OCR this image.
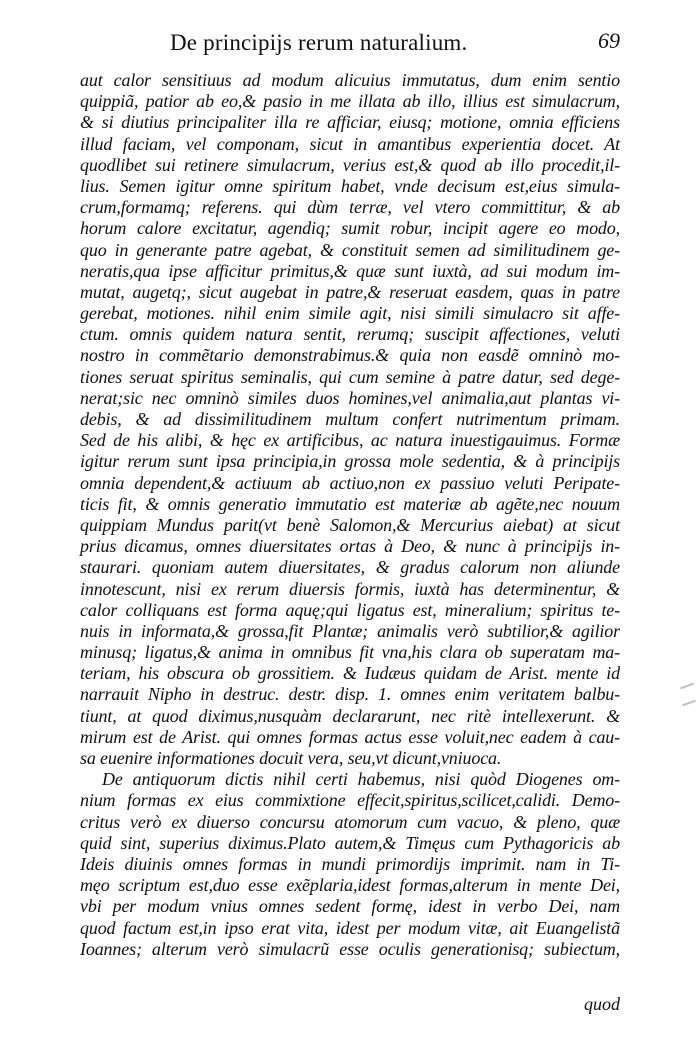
De principijs rerum naturalium.	69
aut calor sensitiuus ad modum alicuius immutatus, dum enim sentio
quippiã, patior ab eo,& pasio in me illata ab illo, illius est simulacrum,
& si diutius principaliter illa re afficiar, eiusq; motione, omnia efficiens
illud faciam, vel componam, sicut in amantibus experientia docet. At
quodlibet sui retinere simulacrum, verius est,& quod ab illo procedit,il-
lius. Semen igitur omne spiritum habet, vnde decisum est,eius simula-
crum,formamq; referens. qui dùm terræ, vel vtero committitur, & ab
horum calore excitatur, agendiq; sumit robur, incipit agere eo modo,
quo in generante patre agebat, & constituit semen ad similitudinem ge-
neratis,qua ipse afficitur primitus,& quæ sunt iuxtà, ad sui modum im-
mutat, augetq;, sicut augebat in patre,& reseruat easdem, quas in patre
gerebat, motiones. nihil enim simile agit, nisi simili simulacro sit affe-
ctum. omnis quidem natura sentit, rerumq; suscipit affectiones, veluti
nostro in commẽtario demonstrabimus.& quia non easdẽ omninò mo-
tiones seruat spiritus seminalis, qui cum semine à patre datur, sed dege-
nerat;sic nec omninò similes duos homines,vel animalia,aut plantas vi-
debis, & ad dissimilitudinem multum confert nutrimentum primam.
Sed de his alibi, & hęc ex artificibus, ac natura inuestigauimus. Formæ
igitur rerum sunt ipsa principia,in grossa mole sedentia, & à principijs
omnia dependent,& actiuum ab actiuo,non ex passiuo veluti Peripate-
ticis fit, & omnis generatio immutatio est materiæ ab agẽte,nec nouum
quippiam Mundus parit(vt benè Salomon,& Mercurius aiebat) at sicut
prius dicamus, omnes diuersitates ortas à Deo, & nunc à principijs in-
staurari. quoniam autem diuersitates, & gradus calorum non aliunde
innotescunt, nisi ex rerum diuersis formis, iuxtà has determinentur, &
calor colliquans est forma aquę;qui ligatus est, mineralium; spiritus te-
nuis in informata,& grossa,fit Plantæ; animalis verò subtilior,& agilior
minusq; ligatus,& anima in omnibus fit vna,his clara ob superatam ma-
teriam, his obscura ob grossitiem. & Iudæus quidam de Arist. mente id
narrauit Nipho in destruc. destr. disp. 1. omnes enim veritatem balbu-
tiunt, at quod diximus,nusquàm declararunt, nec ritè intellexerunt. &
mirum est de Arist. qui omnes formas actus esse voluit,nec eadem à cau-
sa euenire informationes docuit vera, seu,vt dicunt,vniuoca.
De antiquorum dictis nihil certi habemus, nisi quòd Diogenes om-
nium formas ex eius commixtione effecit,spiritus,scilicet,calidi. Demo-
critus verò ex diuerso concursu atomorum cum vacuo, & pleno, quæ
quid sint, superius diximus.Plato autem,& Timęus cum Pythagoricis ab
Ideis diuinis omnes formas in mundi primordijs imprimit. nam in Ti-
męo scriptum est,duo esse exẽplaria,idest formas,alterum in mente Dei,
vbi per modum vnius omnes sedent formę, idest in verbo Dei, nam
quod factum est,in ipso erat vita, idest per modum vitæ, ait Euangelistã
Ioannes; alterum verò simulacrũ esse oculis generationisq; subiectum,
quod
